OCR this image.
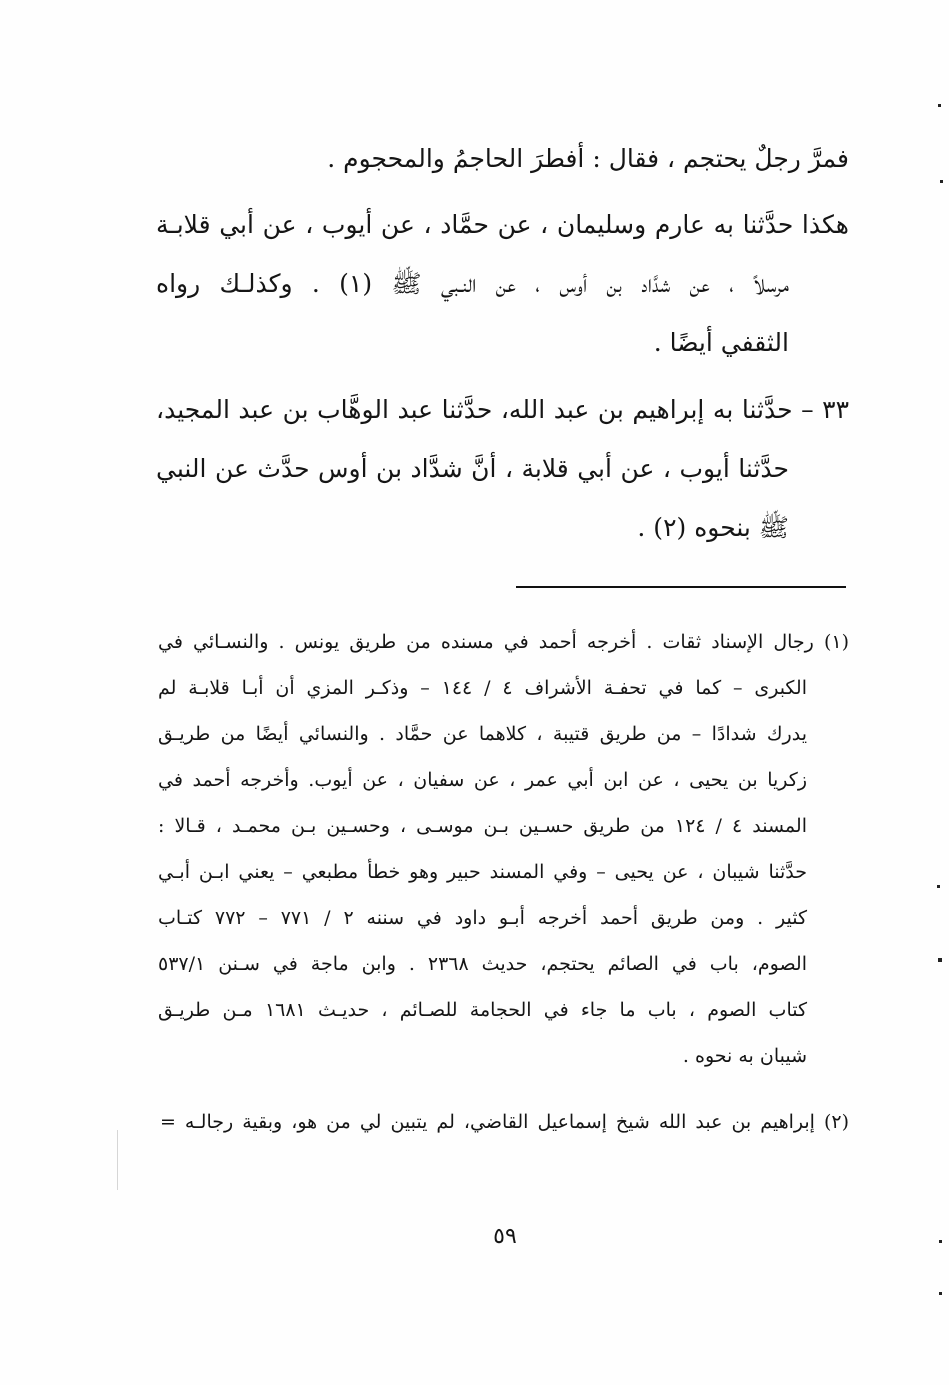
فمرَّ رجلٌ يحتجم ، فقال : أفطرَ الحاجمُ والمحجوم .
هكذا حدَّثنا به عارم وسليمان ، عن حمَّاد ، عن أيوب ، عن أبي قلابـة
مرسلاً ، عن شدَّاد بن أوس ، عن النـبي ﷺ (١) . وكذلـك رواه
الثقفي أيضًا .
٣٣ – حدَّثنا به إبراهيم بن عبد الله، حدَّثنا عبد الوهَّاب بن عبد المجيد،
حدَّثنا أيوب ، عن أبي قلابة ، أنَّ شدَّاد بن أوس حدَّث عن النبي
ﷺ بنحوه (٢) .
(١) رجال الإسناد ثقات . أخرجه أحمد في مسنده من طريق يونس . والنسـائي في
الكبرى – كما في تحفـة الأشراف ٤ / ١٤٤ – وذكـر المزي أن أبـا قلابـة لم
يدرك شدادًا – من طريق قتيبة ، كلاهما عن حمَّاد . والنسائي أيضًا من طريـق
زكريا بن يحيى ، عن ابن أبي عمر ، عن سفيان ، عن أيوب. وأخرجه أحمد في
المسند ٤ / ١٢٤ من طريق حسـين بـن موسـى ، وحسـين بـن محمـد ، قـالا :
حدَّثنا شيبان ، عن يحيى – وفي المسند حبير وهو خطأ مطبعي – يعني ابـن أبـي
كثير . ومن طريق أحمد أخرجه أبـو داود في سننه ٢ / ٧٧١ – ٧٧٢ كتـاب
الصوم، باب في الصائم يحتجم، حديث ٢٣٦٨ . وابن ماجة في سـنن ٥٣٧/١
كتاب الصوم ، باب ما جاء في الحجامة للصـائم ، حديـث ١٦٨١ مـن طريـق
شيبان به نحوه .
(٢) إبراهيم بن عبد الله شيخ إسماعيل القاضي، لم يتبين لي من هو، وبقية رجالـه =
٥٩
